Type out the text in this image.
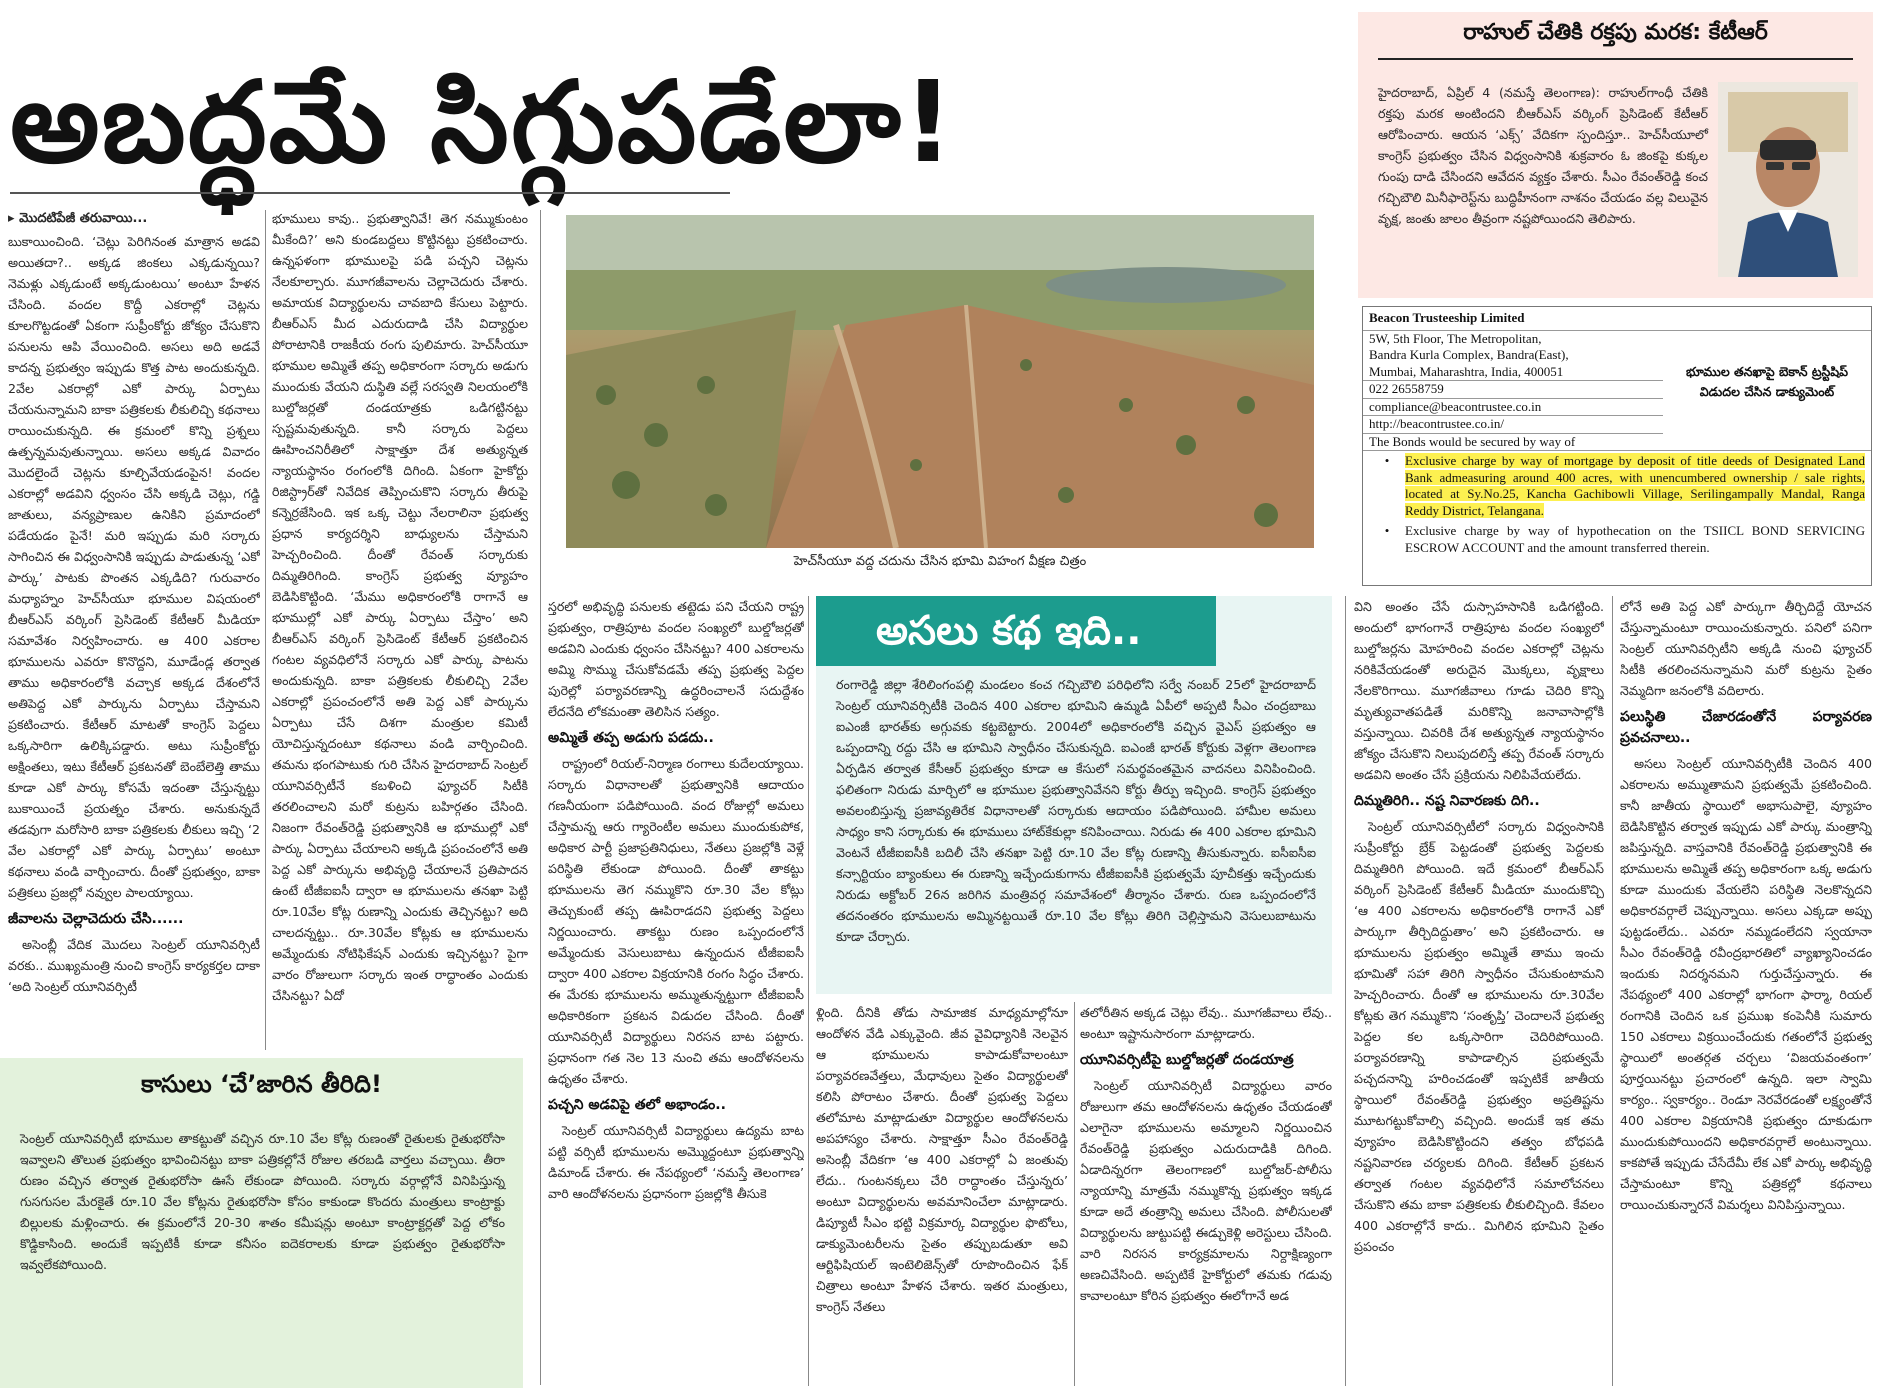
అబద్ధమే సిగ్గుపడేలా!
రాహుల్ చేతికి రక్తపు మరక: కేటీఆర్
హైదరాబాద్, ఏప్రిల్ 4 (నమస్తే తెలంగాణ): రాహుల్‌గాంధీ చేతికి రక్తపు మరక అంటిందని బీఆర్‌ఎస్ వర్కింగ్ ప్రెసిడెంట్ కేటీఆర్ ఆరోపించారు. ఆయన ‘ఎక్స్’ వేదికగా స్పందిస్తూ.. హెచ్‌సీయూలో కాంగ్రెస్ ప్రభుత్వం చేసిన విధ్వంసానికి శుక్రవారం ఓ జింకపై కుక్కల గుంపు దాడి చేసిందని ఆవేదన వ్యక్తం చేశారు. సీఎం రేవంత్‌రెడ్డి కంచ గచ్చిబౌలి మినీఫారెస్ట్‌ను బుద్ధిహీనంగా నాశనం చేయడం వల్ల విలువైన వృక్ష, జంతు జాలం తీవ్రంగా నష్టపోయిందని తెలిపారు.
Beacon Trusteeship Limited
5W, 5th Floor, The Metropolitan,
Bandra Kurla Complex, Bandra(East),
Mumbai, Maharashtra, India, 400051
022 26558759
compliance@beacontrustee.co.in
http://beacontrustee.co.in/
భూముల తనఖాపై బెకాన్ ట్రస్టీషిప్ విడుదల చేసిన డాక్యుమెంట్
The Bonds would be secured by way of
•	Exclusive charge by way of mortgage by deposit of title deeds of Designated Land Bank admeasuring around 400 acres, with unencumbered ownership / sale rights, located at Sy.No.25, Kancha Gachibowli Village, Serilingampally Mandal, Ranga Reddy District, Telangana.
•	Exclusive charge by way of hypothecation on the TSIICL BOND SERVICING ESCROW ACCOUNT and the amount transferred therein.

▸ మొదటిపేజీ తరువాయి...

బుకాయించింది. ‘చెట్లు పెరిగినంత మాత్రాన అడవి అయితదా?.. అక్కడ జింకలు ఎక్కడున్నయి? నెమళ్లు ఎక్కడుంటే అక్కడుంటయి’ అంటూ హేళన చేసింది. వందల కొద్దీ ఎకరాల్లో చెట్లను కూలగొట్టడంతో ఏకంగా సుప్రీంకోర్టు జోక్యం చేసుకొని పనులను ఆపి వేయించింది. అసలు అది అడవే కాదన్న ప్రభుత్వం ఇప్పుడు కొత్త పాట అందుకున్నది. 2వేల ఎకరాల్లో ఎకో పార్కు ఏర్పాటు చేయనున్నామని బాకా పత్రికలకు లీకులిచ్చి కథనాలు రాయించుకున్నది. ఈ క్రమంలో కొన్ని ప్రశ్నలు ఉత్పన్నమవుతున్నాయి. అసలు అక్కడ వివాదం మొదలైందే చెట్లను కూల్చివేయడంపైన! వందల ఎకరాల్లో అడవిని ధ్వంసం చేసి అక్కడి చెట్లు, గడ్డి జాతులు, వన్యప్రాణుల ఉనికిని ప్రమాదంలో పడేయడం పైనే! మరి ఇప్పుడు మరి సర్కారు సాగించిన ఈ విధ్వంసానికి ఇప్పుడు పాడుతున్న ‘ఎకో పార్కు’ పాటకు పొంతన ఎక్కడిది? గురువారం మధ్యాహ్నం హెచ్‌సీయూ భూముల విషయంలో బీఆర్‌ఎస్ వర్కింగ్ ప్రెసిడెంట్ కేటీఆర్ మీడియా సమావేశం నిర్వహించారు. ఆ 400 ఎకరాల భూములను ఎవరూ కొనొద్దని, మూడేండ్ల తర్వాత తాము అధికారంలోకి వచ్చాక అక్కడ దేశంలోనే అతిపెద్ద ఎకో పార్కును ఏర్పాటు చేస్తామని ప్రకటించారు. కేటీఆర్ మాటతో కాంగ్రెస్ పెద్దలు ఒక్కసారిగా ఉలిక్కిపడ్డారు. అటు సుప్రీంకోర్టు అక్షింతలు, ఇటు కేటీఆర్ ప్రకటనతో బెంబేలెత్తి తాము కూడా ఎకో పార్కు కోసమే ఇదంతా చేస్తున్నట్టు బుకాయించే ప్రయత్నం చేశారు. అనుకున్నదే తడవుగా మరోసారి బాకా పత్రికలకు లీకులు ఇచ్చి ‘2 వేల ఎకరాల్లో ఎకో పార్కు ఏర్పాటు’ అంటూ కథనాలు వండి వార్చించారు. దీంతో ప్రభుత్వం, బాకా పత్రికలు ప్రజల్లో నవ్వుల పాలయ్యాయి.

జీవాలను చెల్లాచెదురు చేసి......

అసెంబ్లీ వేదిక మొదలు సెంట్రల్ యూనివర్సిటీ వరకు.. ముఖ్యమంత్రి నుంచి కాంగ్రెస్ కార్యకర్తల దాకా ‘అది సెంట్రల్ యూనివర్సిటీ

భూములు కావు.. ప్రభుత్వానివే! తెగ నమ్ముకుంటం మీకేంది?’ అని కుండబద్దలు కొట్టినట్టు ప్రకటించారు. ఉన్నఫళంగా భూములపై పడి పచ్చని చెట్లను నేలకూల్చారు. మూగజీవాలను చెల్లాచెదురు చేశారు. అమాయక విద్యార్థులను చావబాది కేసులు పెట్టారు. బీఆర్‌ఎస్ మీద ఎదురుదాడి చేసి విద్యార్థుల పోరాటానికి రాజకీయ రంగు పులిమారు. హెచ్‌సీయూ భూముల అమ్మితే తప్ప అధికారంగా సర్కారు అడుగు ముందుకు వేయని దుస్థితి వల్లే సరస్వతి నిలయంలోకి బుల్డోజర్లతో దండయాత్రకు ఒడిగట్టినట్టు స్పష్టమవుతున్నది. కానీ సర్కారు పెద్దలు ఊహించనిరీతిలో సాక్షాత్తూ దేశ అత్యున్నత న్యాయస్థానం రంగంలోకి దిగింది. ఏకంగా హైకోర్టు రిజిస్ట్రార్‌తో నివేదిక తెప్పించుకొని సర్కారు తీరుపై కన్నెర్రజేసింది. ఇక ఒక్క చెట్టు నేలరాలినా ప్రభుత్వ ప్రధాన కార్యదర్శిని బాధ్యులను చేస్తామని హెచ్చరించింది. దీంతో రేవంత్ సర్కారుకు దిమ్మతిరిగింది. కాంగ్రెస్ ప్రభుత్వ వ్యూహం బెడిసికొట్టింది. ‘మేము అధికారంలోకి రాగానే ఆ భూముల్లో ఎకో పార్కు ఏర్పాటు చేస్తాం’ అని బీఆర్‌ఎస్ వర్కింగ్ ప్రెసిడెంట్ కేటీఆర్ ప్రకటించిన గంటల వ్యవధిలోనే సర్కారు ఎకో పార్కు పాటను అందుకున్నది. బాకా పత్రికలకు లీకులిచ్చి 2వేల ఎకరాల్లో ప్రపంచంలోనే అతి పెద్ద ఎకో పార్కును ఏర్పాటు చేసే దిశగా మంత్రుల కమిటీ యోచిస్తున్నదంటూ కథనాలు వండి వార్చించింది. తమను భంగపాటుకు గురి చేసిన హైదరాబాద్ సెంట్రల్ యూనివర్సిటీనే కబళించి ఫ్యూచర్ సిటీకి తరలించాలని మరో కుట్రను బహిర్గతం చేసింది. నిజంగా రేవంత్‌రెడ్డి ప్రభుత్వానికి ఆ భూముల్లో ఎకో పార్కు ఏర్పాటు చేయాలని అక్కడి ప్రపంచంలోనే అతి పెద్ద ఎకో పార్కును అభివృద్ధి చేయాలనే ప్రతిపాదన ఉంటే టీజీఐఐసీ ద్వారా ఆ భూములను తనఖా పెట్టి రూ.10వేల కోట్ల రుణాన్ని ఎందుకు తెచ్చినట్టు? అది చాలదన్నట్టు.. రూ.30వేల కోట్లకు ఆ భూములను అమ్మేందుకు నోటిఫికేషన్ ఎందుకు ఇచ్చినట్టు? పైగా వారం రోజులుగా సర్కారు ఇంత రాద్ధాంతం ఎందుకు చేసినట్టు? ఏదో

హెచ్‌సీయూ వద్ద చదును చేసిన భూమి విహంగ వీక్షణ చిత్రం

స్తరలో అభివృద్ధి పనులకు తట్టెడు పని చేయని రాష్ట్ర ప్రభుత్వం, రాత్రిపూట వందల సంఖ్యలో బుల్డోజర్లతో అడవిని ఎందుకు ధ్వంసం చేసినట్టు? 400 ఎకరాలను అమ్మి సొమ్ము చేసుకోవడమే తప్ప ప్రభుత్వ పెద్దల పురెల్లో పర్యావరణాన్ని ఉద్ధరించాలనే సదుద్దేశం లేదనేది లోకమంతా తెలిసిన సత్యం.

అమ్మితే తప్ప అడుగు పడదు..

రాష్ట్రంలో రియల్-నిర్మాణ రంగాలు కుదేలయ్యాయి. సర్కారు విధానాలతో ప్రభుత్వానికి ఆదాయం గణనీయంగా పడిపోయింది. వంద రోజుల్లో అమలు చేస్తామన్న ఆరు గ్యారెంటీల అమలు ముందుకుపోక, అధికార పార్టీ ప్రజాప్రతినిధులు, నేతలు ప్రజల్లోకి వెళ్లే పరిస్థితి లేకుండా పోయింది. దీంతో తాకట్టు భూములను తెగ నమ్ముకొని రూ.30 వేల కోట్లు తెచ్చుకుంటే తప్ప ఊపిరాడదని ప్రభుత్వ పెద్దలు నిర్ణయించారు. తాకట్టు రుణం ఒప్పందంలోనే అమ్మేందుకు వెసులుబాటు ఉన్నందున టీజీఐఐసీ ద్వారా 400 ఎకరాల విక్రయానికి రంగం సిద్ధం చేశారు. ఈ మేరకు భూములను అమ్ముతున్నట్టుగా టీజీఐఐసీ అధికారికంగా ప్రకటన విడుదల చేసింది. దీంతో యూనివర్సిటీ విద్యార్థులు నిరసన బాట పట్టారు. ప్రధానంగా గత నెల 13 నుంచి తమ ఆందోళనలను ఉధృతం చేశారు.

పచ్చని అడవిపై తలో అభాండం..

సెంట్రల్ యూనివర్సిటీ విద్యార్థులు ఉద్యమ బాట పట్టి వర్సిటీ భూములను అమ్మొద్దంటూ ప్రభుత్వాన్ని డిమాండ్ చేశారు. ఈ నేపథ్యంలో ‘నమస్తే తెలంగాణ’ వారి ఆందోళనలను ప్రధానంగా ప్రజల్లోకి తీసుకె

అసలు కథ ఇది..
రంగారెడ్డి జిల్లా శేరిలింగంపల్లి మండలం కంచ గచ్చిబౌలి పరిధిలోని సర్వే నంబర్ 25లో హైదరాబాద్ సెంట్రల్ యూనివర్సిటీకి చెందిన 400 ఎకరాల భూమిని ఉమ్మడి ఏపీలో అప్పటి సీఎం చంద్రబాబు ఐఎంజీ భారత్‌కు అగ్గువకు కట్టబెట్టారు. 2004లో అధికారంలోకి వచ్చిన వైఎస్ ప్రభుత్వం ఆ ఒప్పందాన్ని రద్దు చేసి ఆ భూమిని స్వాధీనం చేసుకున్నది. ఐఎంజీ భారత్ కోర్టుకు వెళ్లగా తెలంగాణ ఏర్పడిన తర్వాత కేసీఆర్ ప్రభుత్వం కూడా ఆ కేసులో సమర్థవంతమైన వాదనలు వినిపించింది. ఫలితంగా నిరుడు మార్చిలో ఆ భూముల ప్రభుత్వానివేనని కోర్టు తీర్పు ఇచ్చింది. కాంగ్రెస్ ప్రభుత్వం అవలంబిస్తున్న ప్రజావ్యతిరేక విధానాలతో సర్కారుకు ఆదాయం పడిపోయింది. హామీల అమలు సాధ్యం కాని సర్కారుకు ఈ భూములు హాట్‌కేకుల్లా కనిపించాయి. నిరుడు ఈ 400 ఎకరాల భూమిని వెంటనే టీజీఐఐసీకి బదిలీ చేసి తనఖా పెట్టి రూ.10 వేల కోట్ల రుణాన్ని తీసుకున్నారు. ఐసీఐసీఐ కన్సార్టియం బ్యాంకులు ఈ రుణాన్ని ఇచ్చేందుకుగాను టీజీఐఐసీకి ప్రభుత్వమే పూచీకత్తు ఇచ్చేందుకు నిరుడు అక్టోబర్ 26న జరిగిన మంత్రివర్గ సమావేశంలో తీర్మానం చేశారు. రుణ ఒప్పందంలోనే తదనంతరం భూములను అమ్మినట్టయితే రూ.10 వేల కోట్లు తిరిగి చెల్లిస్తామని వెసులుబాటును కూడా చేర్చారు.

ళ్లింది. దీనికి తోడు సామాజిక మాధ్యమాల్లోనూ ఆందోళన వేడి ఎక్కువైంది. జీవ వైవిధ్యానికి నెలవైన ఆ భూములను కాపాడుకోవాలంటూ పర్యావరణవేత్తలు, మేధావులు సైతం విద్యార్థులతో కలిసి పోరాటం చేశారు. దీంతో ప్రభుత్వ పెద్దలు తలోమాట మాట్లాడుతూ విద్యార్థుల ఆందోళనలను అపహాస్యం చేశారు. సాక్షాత్తూ సీఎం రేవంత్‌రెడ్డి అసెంబ్లీ వేదికగా ‘ఆ 400 ఎకరాల్లో ఏ జంతువు లేదు.. గుంటనక్కలు చేరి రాద్ధాంతం చేస్తున్నరు’ అంటూ విద్యార్థులను అవమానించేలా మాట్లాడారు. డిప్యూటీ సీఎం భట్టి విక్రమార్క విద్యార్థుల ఫొటోలు, డాక్యుమెంటరీలను సైతం తప్పుబడుతూ అవి ఆర్టిఫిషియల్ ఇంటెలిజెన్స్‌తో రూపొందించిన ఫేక్ చిత్రాలు అంటూ హేళన చేశారు. ఇతర మంత్రులు, కాంగ్రెస్ నేతలు

తలోరీతిన అక్కడ చెట్లు లేవు.. మూగజీవాలు లేవు.. అంటూ ఇష్టానుసారంగా మాట్లాడారు.

యూనివర్సిటీపై బుల్డోజర్లతో దండయాత్ర

సెంట్రల్ యూనివర్సిటీ విద్యార్థులు వారం రోజులుగా తమ ఆందోళనలను ఉధృతం చేయడంతో ఎలాగైనా భూములను అమ్మాలని నిర్ణయించిన రేవంత్‌రెడ్డి ప్రభుత్వం ఎదురుదాడికి దిగింది. ఏడాదిన్నరగా తెలంగాణలో బుల్డోజర్-పోలీసు న్యాయాన్ని మాత్రమే నమ్ముకొన్న ప్రభుత్వం ఇక్కడ కూడా అదే తంత్రాన్ని అమలు చేసింది. పోలీసులతో విద్యార్థులను జుట్టుపట్టి ఈడ్చుకెళ్లి అరెస్టులు చేసింది. వారి నిరసన కార్యక్రమాలను నిర్దాక్షిణ్యంగా అణచివేసింది. అప్పటికే హైకోర్టులో తమకు గడువు కావాలంటూ కోరిన ప్రభుత్వం ఈలోగానే అడ

విని అంతం చేసే దుస్సాహసానికి ఒడిగట్టింది. అందులో భాగంగానే రాత్రిపూట వందల సంఖ్యలో బుల్డోజర్లను మోహరించి వందల ఎకరాల్లో చెట్లను నరికివేయడంతో అరుదైన మొక్కలు, వృక్షాలు నేలకొరిగాయి. మూగజీవాలు గూడు చెదిరి కొన్ని మృత్యువాతపడితే మరికొన్ని జనావాసాల్లోకి వస్తున్నాయి. చివరికి దేశ అత్యున్నత న్యాయస్థానం జోక్యం చేసుకొని నిలుపుదలిస్తే తప్ప రేవంత్ సర్కారు అడవిని అంతం చేసే ప్రక్రియను నిలిపివేయలేదు.

దిమ్మతిరిగి.. నష్ట నివారణకు దిగి..

సెంట్రల్ యూనివర్సిటీలో సర్కారు విధ్వంసానికి సుప్రీంకోర్టు బ్రేక్ పెట్టడంతో ప్రభుత్వ పెద్దలకు దిమ్మతిరిగి పోయింది. ఇదే క్రమంలో బీఆర్‌ఎస్ వర్కింగ్ ప్రెసిడెంట్ కేటీఆర్ మీడియా ముందుకొచ్చి ‘ఆ 400 ఎకరాలను అధికారంలోకి రాగానే ఎకో పార్కుగా తీర్చిదిద్దుతాం’ అని ప్రకటించారు. ఆ భూములను ప్రభుత్వం అమ్మితే తాము ఇంచు భూమితో సహా తిరిగి స్వాధీనం చేసుకుంటామని హెచ్చరించారు. దీంతో ఆ భూములను రూ.30వేల కోట్లకు తెగ నమ్ముకొని ‘సంతృప్తి’ చెందాలనే ప్రభుత్వ పెద్దల కల ఒక్కసారిగా చెదిరిపోయింది. పర్యావరణాన్ని కాపాడాల్సిన ప్రభుత్వమే పచ్చదనాన్ని హరించడంతో ఇప్పటికే జాతీయ స్థాయిలో రేవంత్‌రెడ్డి ప్రభుత్వం అప్రతిష్టను మూటగట్టుకోవాల్సి వచ్చింది. అందుకే ఇక తమ వ్యూహం బెడిసికొట్టిందని తత్వం బోధపడి నష్టనివారణ చర్యలకు దిగింది. కేటీఆర్ ప్రకటన తర్వాత గంటల వ్యవధిలోనే సమాలోచనలు చేసుకొని తమ బాకా పత్రికలకు లీకులిచ్చింది. కేవలం 400 ఎకరాల్లోనే కాదు.. మిగిలిన భూమిని సైతం ప్రపంచం

లోనే అతి పెద్ద ఎకో పార్కుగా తీర్చిదిద్దే యోచన చేస్తున్నామంటూ రాయించుకున్నారు. పనిలో పనిగా సెంట్రల్ యూనివర్సిటీని అక్కడి నుంచి ఫ్యూచర్ సిటీకి తరలించనున్నామని మరో కుట్రను సైతం నెమ్మదిగా జనంలోకి వదిలారు.

పలుస్థితి చేజారడంతోనే పర్యావరణ ప్రవచనాలు..

అసలు సెంట్రల్ యూనివర్సిటీకి చెందిన 400 ఎకరాలను అమ్ముతామని ప్రభుత్వమే ప్రకటించింది. కానీ జాతీయ స్థాయిలో అభాసుపాలై, వ్యూహం బెడిసికొట్టిన తర్వాత ఇప్పుడు ఎకో పార్కు మంత్రాన్ని జపిస్తున్నది. వాస్తవానికి రేవంత్‌రెడ్డి ప్రభుత్వానికి ఈ భూములను అమ్మితే తప్ప అధికారంగా ఒక్క అడుగు కూడా ముందుకు వేయలేని పరిస్థితి నెలకొన్నదని అధికారవర్గాలే చెప్పున్నాయి. అసలు ఎక్కడా అప్పు పుట్టడంలేదు.. ఎవరూ నమ్మడంలేదని స్వయానా సీఎం రేవంత్‌రెడ్డి రవీంద్రభారతిలో వ్యాఖ్యానించడం ఇందుకు నిదర్శనమని గుర్తుచేస్తున్నారు. ఈ నేపథ్యంలో 400 ఎకరాల్లో భాగంగా ఫార్మా, రియల్ రంగానికి చెందిన ఒక ప్రముఖ కంపెనీకి సుమారు 150 ఎకరాలు విక్రయించేందుకు గతంలోనే ప్రభుత్వ స్థాయిలో అంతర్గత చర్చలు ‘విజయవంతంగా’ పూర్తయినట్టు ప్రచారంలో ఉన్నది. ఇలా స్వామి కార్యం.. స్వకార్యం.. రెండూ నెరవేరడంతో లక్ష్యంతోనే 400 ఎకరాల విక్రయానికి ప్రభుత్వం దూకుడుగా ముందుకుపోయిందని అధికారవర్గాలే అంటున్నాయి. కాకపోతే ఇప్పుడు చేసేదేమీ లేక ఎకో పార్కు అభివృద్ధి చేస్తామంటూ కొన్ని పత్రికల్లో కథనాలు రాయించుకున్నారనే విమర్శలు వినిపిస్తున్నాయి.

కాసులు ‘చే’జారిన తీరిది!
సెంట్రల్ యూనివర్సిటీ భూముల తాకట్టుతో వచ్చిన రూ.10 వేల కోట్ల రుణంతో రైతులకు రైతుభరోసా ఇవ్వాలని తొలుత ప్రభుత్వం భావించినట్టు బాకా పత్రికల్లోనే రోజుల తరబడి వార్తలు వచ్చాయి. తీరా రుణం వచ్చిన తర్వాత రైతుభరోసా ఊసే లేకుండా పోయింది. సర్కారు వర్గాల్లోనే వినిపిస్తున్న గుసగుసల మేరకైతే రూ.10 వేల కోట్లను రైతుభరోసా కోసం కాకుండా కొందరు మంత్రులు కాంట్రాక్టు బిల్లులకు మళ్లించారు. ఈ క్రమంలోనే 20-30 శాతం కమీషన్లు అంటూ కాంట్రాక్టర్లతో పెద్ద లోకం కొడ్డికాసింది. అందుకే ఇప్పటికీ కూడా కనీసం ఐదెకరాలకు కూడా ప్రభుత్వం రైతుభరోసా ఇవ్వలేకపోయింది.
